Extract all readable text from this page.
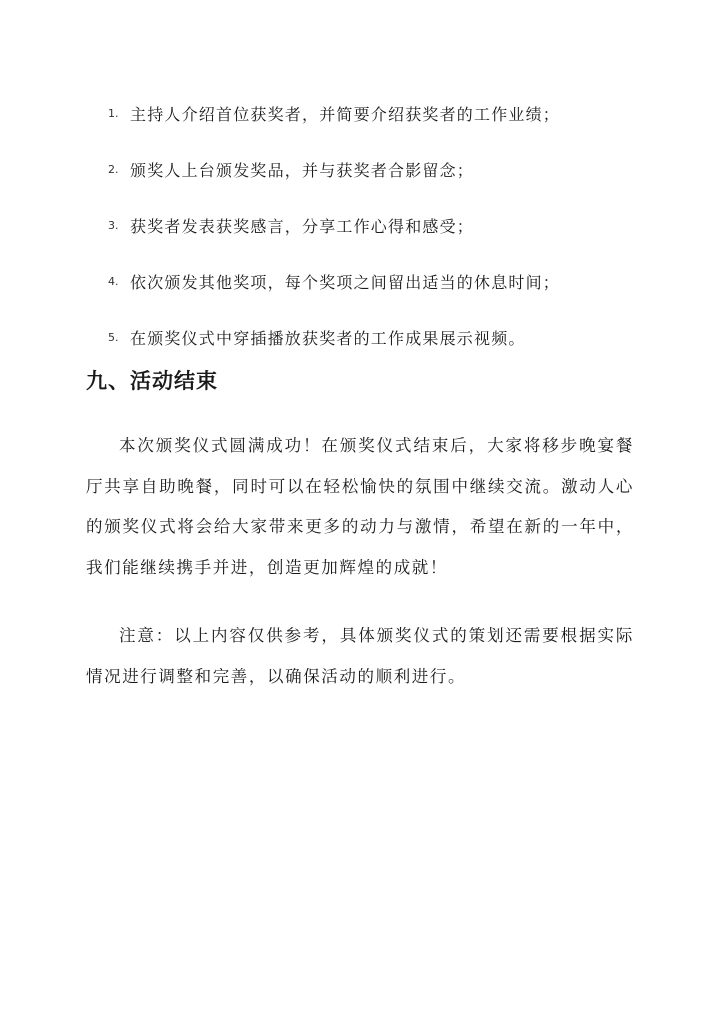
1. 主持人介绍首位获奖者，并简要介绍获奖者的工作业绩；
2. 颁奖人上台颁发奖品，并与获奖者合影留念；
3. 获奖者发表获奖感言，分享工作心得和感受；
4. 依次颁发其他奖项，每个奖项之间留出适当的休息时间；
5. 在颁奖仪式中穿插播放获奖者的工作成果展示视频。
九、活动结束

本次颁奖仪式圆满成功！在颁奖仪式结束后，大家将移步晚宴餐厅共享自助晚餐，同时可以在轻松愉快的氛围中继续交流。激动人心的颁奖仪式将会给大家带来更多的动力与激情，希望在新的一年中，我们能继续携手并进，创造更加辉煌的成就！

注意：以上内容仅供参考，具体颁奖仪式的策划还需要根据实际情况进行调整和完善，以确保活动的顺利进行。
